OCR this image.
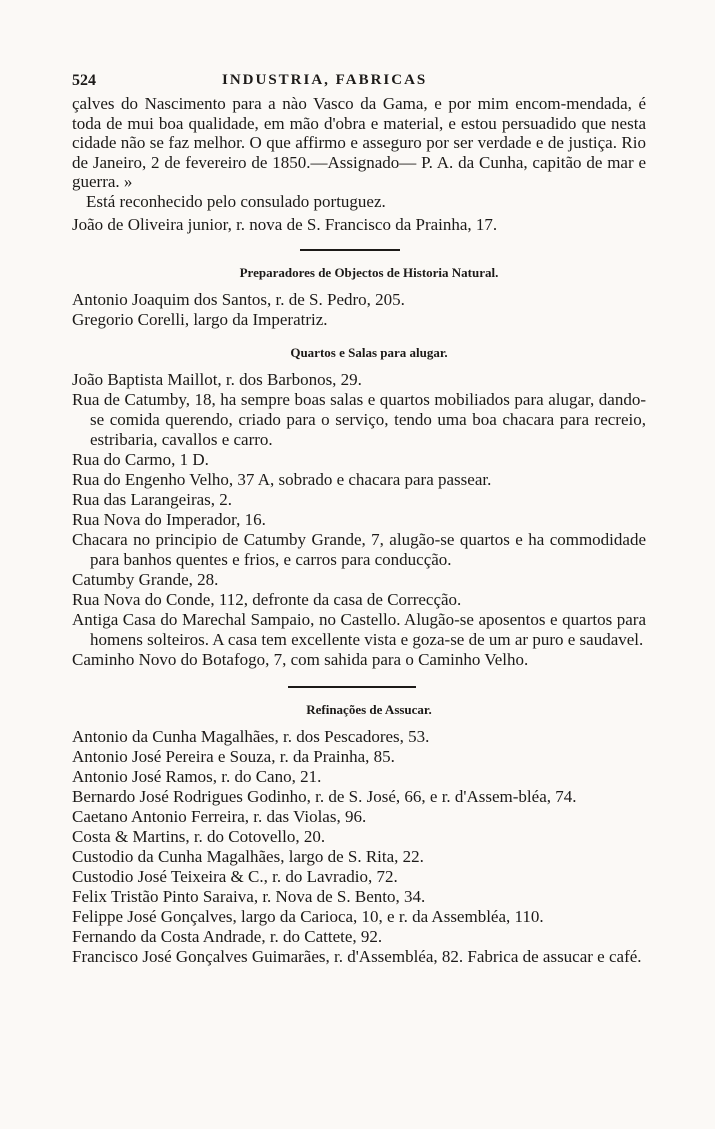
524	INDUSTRIA, FABRICAS

çalves do Nascimento para a nào Vasco da Gama, e por mim encom-mendada, é toda de mui boa qualidade, em mão d'obra e material, e estou persuadido que nesta cidade não se faz melhor. O que affirmo e asseguro por ser verdade e de justiça. Rio de Janeiro, 2 de fevereiro de 1850.—Assignado— P. A. da Cunha, capitão de mar e guerra. »

Está reconhecido pelo consulado portuguez.

João de Oliveira junior, r. nova de S. Francisco da Prainha, 17.

Preparadores de Objectos de Historia Natural.

Antonio Joaquim dos Santos, r. de S. Pedro, 205.

Gregorio Corelli, largo da Imperatriz.

Quartos e Salas para alugar.

João Baptista Maillot, r. dos Barbonos, 29.

Rua de Catumby, 18, ha sempre boas salas e quartos mobiliados para alugar, dando-se comida querendo, criado para o serviço, tendo uma boa chacara para recreio, estribaria, cavallos e carro.

Rua do Carmo, 1 D.

Rua do Engenho Velho, 37 A, sobrado e chacara para passear.

Rua das Larangeiras, 2.

Rua Nova do Imperador, 16.

Chacara no principio de Catumby Grande, 7, alugão-se quartos e ha commodidade para banhos quentes e frios, e carros para conducção.

Catumby Grande, 28.

Rua Nova do Conde, 112, defronte da casa de Correcção.

Antiga Casa do Marechal Sampaio, no Castello. Alugão-se aposentos e quartos para homens solteiros. A casa tem excellente vista e goza-se de um ar puro e saudavel.

Caminho Novo do Botafogo, 7, com sahida para o Caminho Velho.

Refinações de Assucar.

Antonio da Cunha Magalhães, r. dos Pescadores, 53.

Antonio José Pereira e Souza, r. da Prainha, 85.

Antonio José Ramos, r. do Cano, 21.

Bernardo José Rodrigues Godinho, r. de S. José, 66, e r. d'Assem-bléa, 74.

Caetano Antonio Ferreira, r. das Violas, 96.

Costa & Martins, r. do Cotovello, 20.

Custodio da Cunha Magalhães, largo de S. Rita, 22.

Custodio José Teixeira & C., r. do Lavradio, 72.

Felix Tristão Pinto Saraiva, r. Nova de S. Bento, 34.

Felippe José Gonçalves, largo da Carioca, 10, e r. da Assembléa, 110.

Fernando da Costa Andrade, r. do Cattete, 92.

Francisco José Gonçalves Guimarães, r. d'Assembléa, 82. Fabrica de assucar e café.
